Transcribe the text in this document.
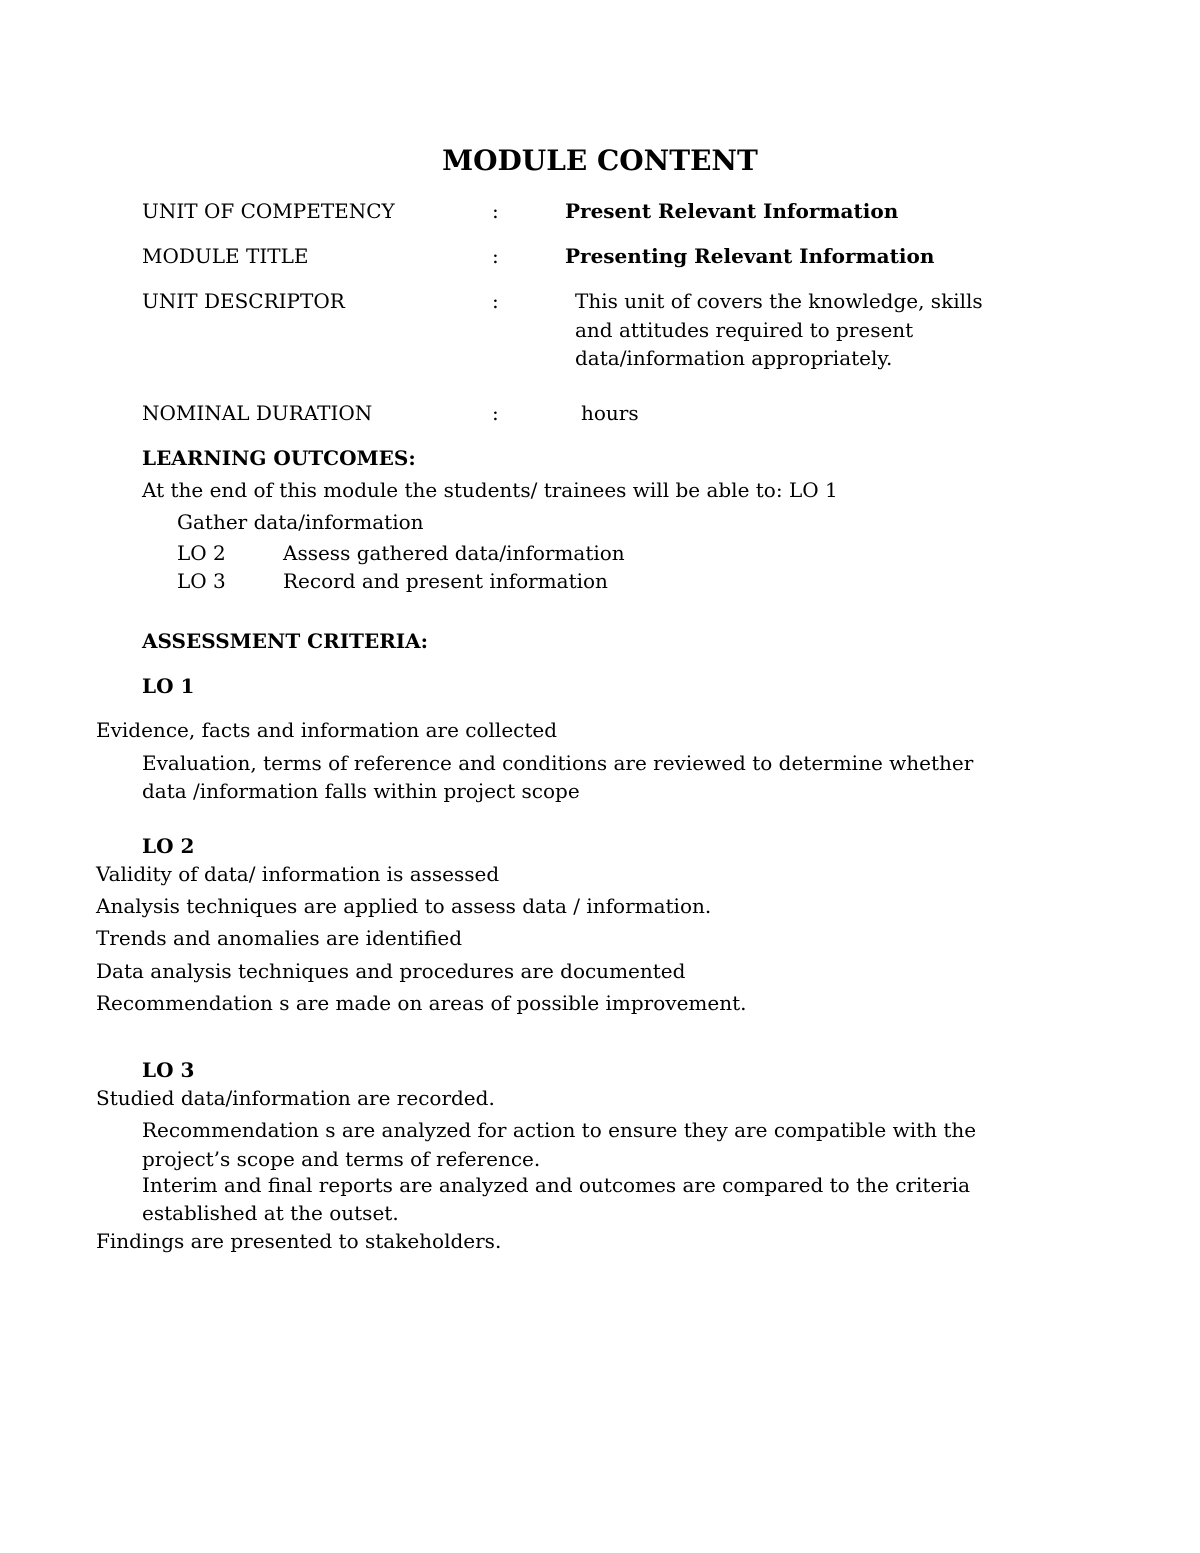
MODULE CONTENT
UNIT OF COMPETENCY	:	Present Relevant Information
MODULE TITLE	:	Presenting Relevant Information
UNIT DESCRIPTOR	:	This unit of covers the knowledge, skills
and attitudes required to present
data/information appropriately.
NOMINAL DURATION	:	hours
LEARNING OUTCOMES:
At the end of this module the students/ trainees will be able to: LO 1
Gather data/information
LO 2	Assess gathered data/information
LO 3	Record and present information
ASSESSMENT CRITERIA:
LO 1
Evidence, facts and information are collected
Evaluation, terms of reference and conditions are reviewed to determine whether
data /information falls within project scope
LO 2
Validity of data/ information is assessed
Analysis techniques are applied to assess data / information.
Trends and anomalies are identified
Data analysis techniques and procedures are documented
Recommendation s are made on areas of possible improvement.
LO 3
Studied data/information are recorded.
Recommendation s are analyzed for action to ensure they are compatible with the
project’s scope and terms of reference.
Interim and final reports are analyzed and outcomes are compared to the criteria
established at the outset.
Findings are presented to stakeholders.
